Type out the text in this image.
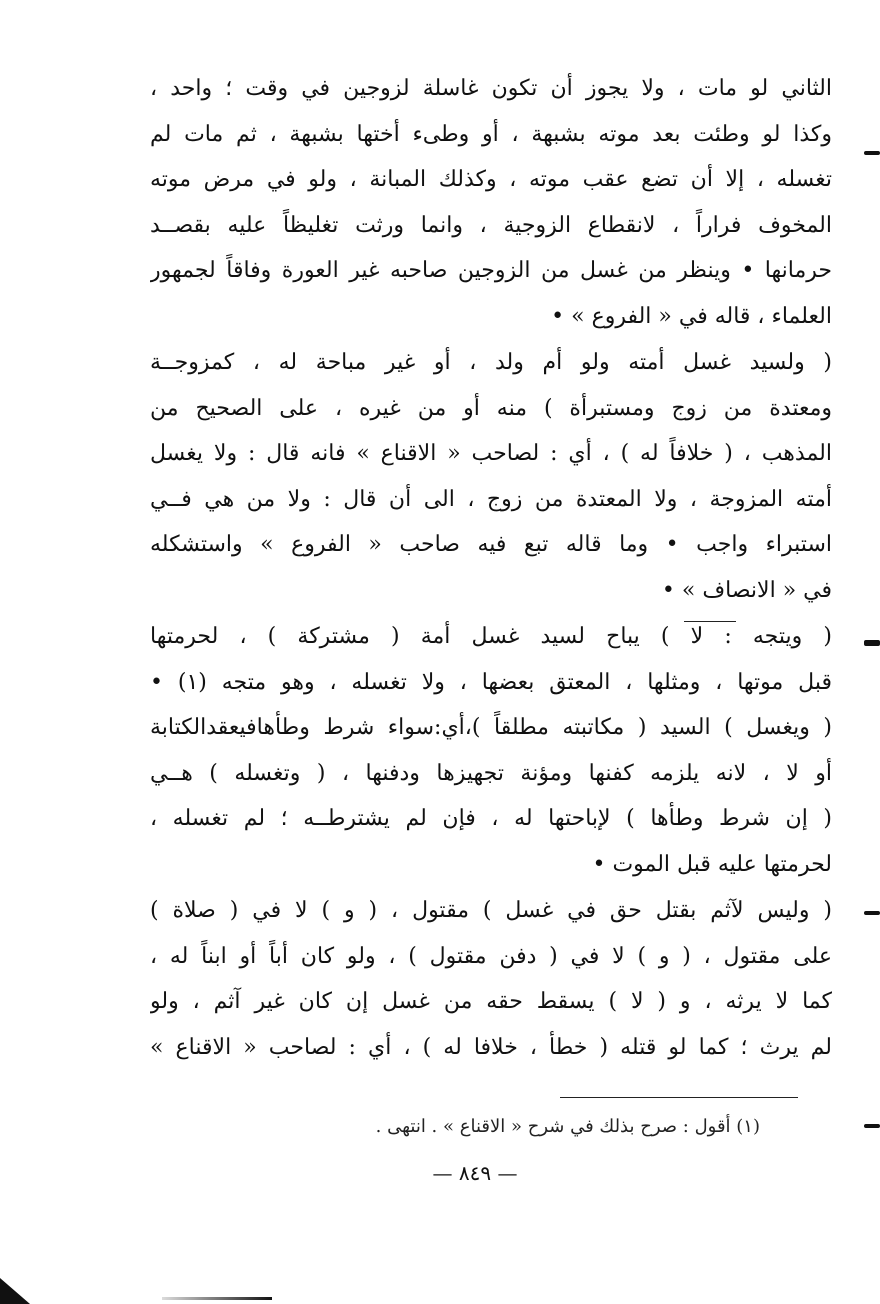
الثاني لو مات ، ولا يجوز أن تكون غاسلة لزوجين في وقت ؛ واحد ،
وكذا لو وطئت بعد موته بشبهة ، أو وطىء أختها بشبهة ، ثم مات لم
تغسله ، إلا أن تضع عقب موته ، وكذلك المبانة ، ولو في مرض موته
المخوف فراراً ، لانقطاع الزوجية ، وانما ورثت تغليظاً عليه بقصــد
حرمانها • وينظر من غسل من الزوجين صاحبه غير العورة وفاقاً لجمهور
العلماء ، قاله في « الفروع » •
( ولسيد غسل أمته ولو أم ولد ، أو غير مباحة له ، كمزوجــة
ومعتدة من زوج ومستبرأة ) منه أو من غيره ، على الصحيح من
المذهب ، ( خلافاً له ) ، أي : لصاحب « الاقناع » فانه قال : ولا يغسل
أمته المزوجة ، ولا المعتدة من زوج ، الى أن قال : ولا من هي فــي
استبراء واجب • وما قاله تبع فيه صاحب « الفروع » واستشكله
في « الانصاف » •
( ويتجه : لا ) يباح لسيد غسل أمة ( مشتركة ) ، لحرمتها
قبل موتها ، ومثلها ، المعتق بعضها ، ولا تغسله ، وهو متجه (١) •
( ويغسل ) السيد ( مكاتبته مطلقاً )،أي:سواء شرط وطأهافيعقدالكتابة
أو لا ، لانه يلزمه كفنها ومؤنة تجهيزها ودفنها ، ( وتغسله ) هــي
( إن شرط وطأها ) لإباحتها له ، فإن لم يشترطــه ؛ لم تغسله ،
لحرمتها عليه قبل الموت •
( وليس لآثم بقتل حق في غسل ) مقتول ، ( و ) لا في ( صلاة )
على مقتول ، ( و ) لا في ( دفن مقتول ) ، ولو كان أباً أو ابناً له ،
كما لا يرثه ، و ( لا ) يسقط حقه من غسل إن كان غير آثم ، ولو
لم يرث ؛ كما لو قتله ( خطأ ، خلافا له ) ، أي : لصاحب « الاقناع »
(١) أقول : صرح بذلك في شرح « الاقناع » . انتهى .
— ٨٤٩ —
